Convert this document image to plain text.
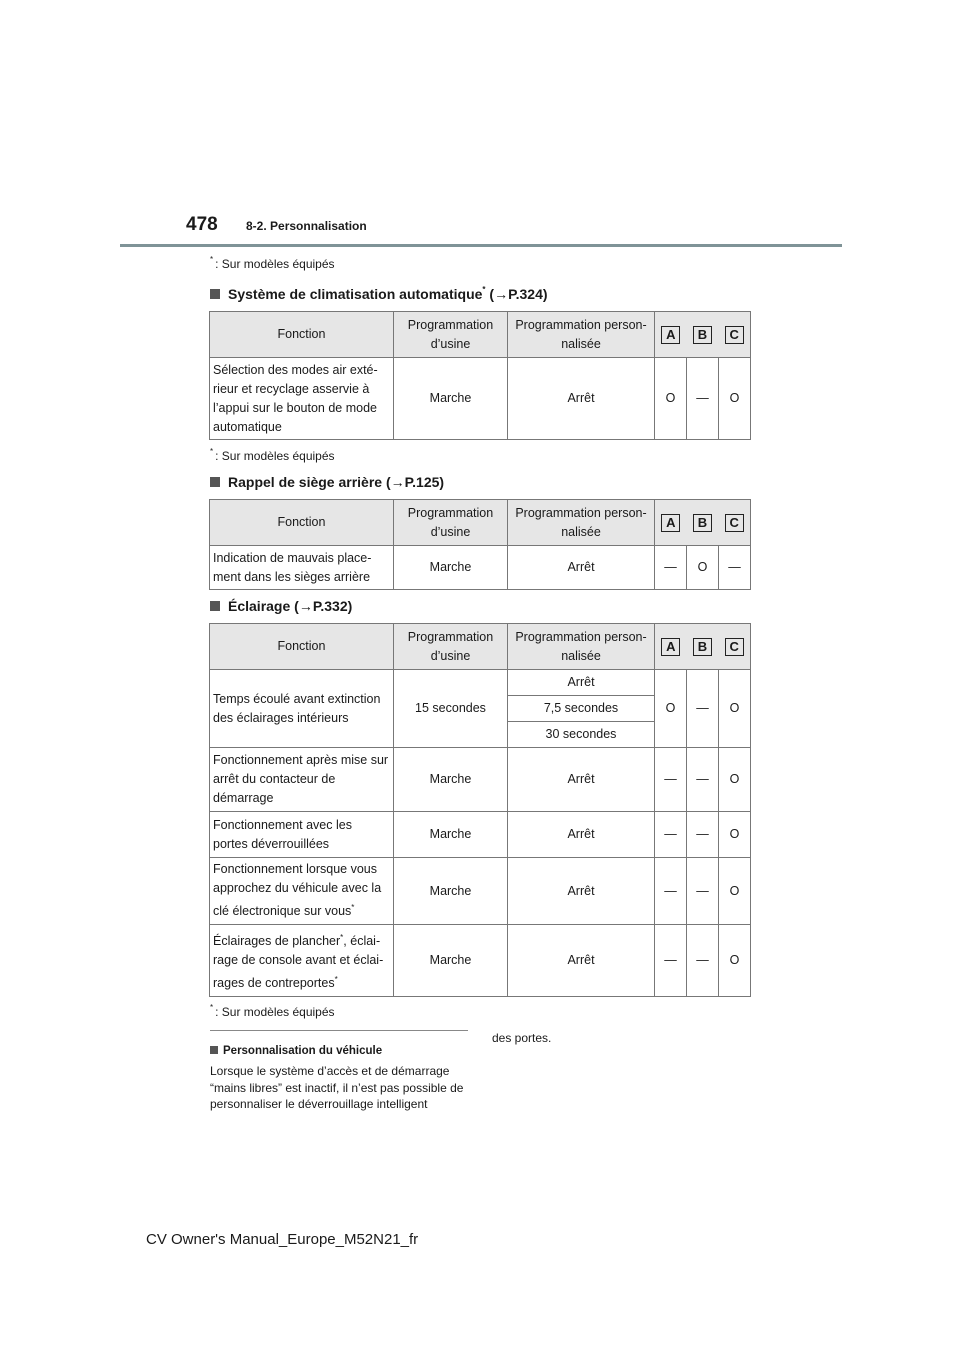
478 8-2. Personnalisation
* : Sur modèles équipés
Système de climatisation automatique* (→P.324)
Fonction	Programmation d’usine	Programmation person-nalisée	A B C		

Sélection des modes air exté-rieur et recyclage asservie à l’appui sur le bouton de mode automatique	Marche	Arrêt	O	—	O
* : Sur modèles équipés
Rappel de siège arrière (→P.125)
Fonction	Programmation d’usine	Programmation person-nalisée	A B C		

Indication de mauvais place-ment dans les sièges arrière	Marche	Arrêt	—	O	—
Éclairage (→P.332)
Fonction	Programmation d’usine	Programmation person-nalisée	A B C		

Temps écoulé avant extinction des éclairages intérieurs	15 secondes	Arrêt	O	—	O
		7,5 secondes			
		30 secondes			
Fonctionnement après mise sur arrêt du contacteur de démarrage	Marche	Arrêt	—	—	O
Fonctionnement avec les portes déverrouillées	Marche	Arrêt	—	—	O
Fonctionnement lorsque vous approchez du véhicule avec la clé électronique sur vous*	Marche	Arrêt	—	—	O
Éclairages de plancher*, éclai-rage de console avant et éclai-rages de contreportes*	Marche	Arrêt	—	—	O
* : Sur modèles équipés
Personnalisation du véhicule
Lorsque le système d’accès et de démarrage “mains libres” est inactif, il n’est pas possible de personnaliser le déverrouillage intelligent
des portes.
CV Owner's Manual_Europe_M52N21_fr
